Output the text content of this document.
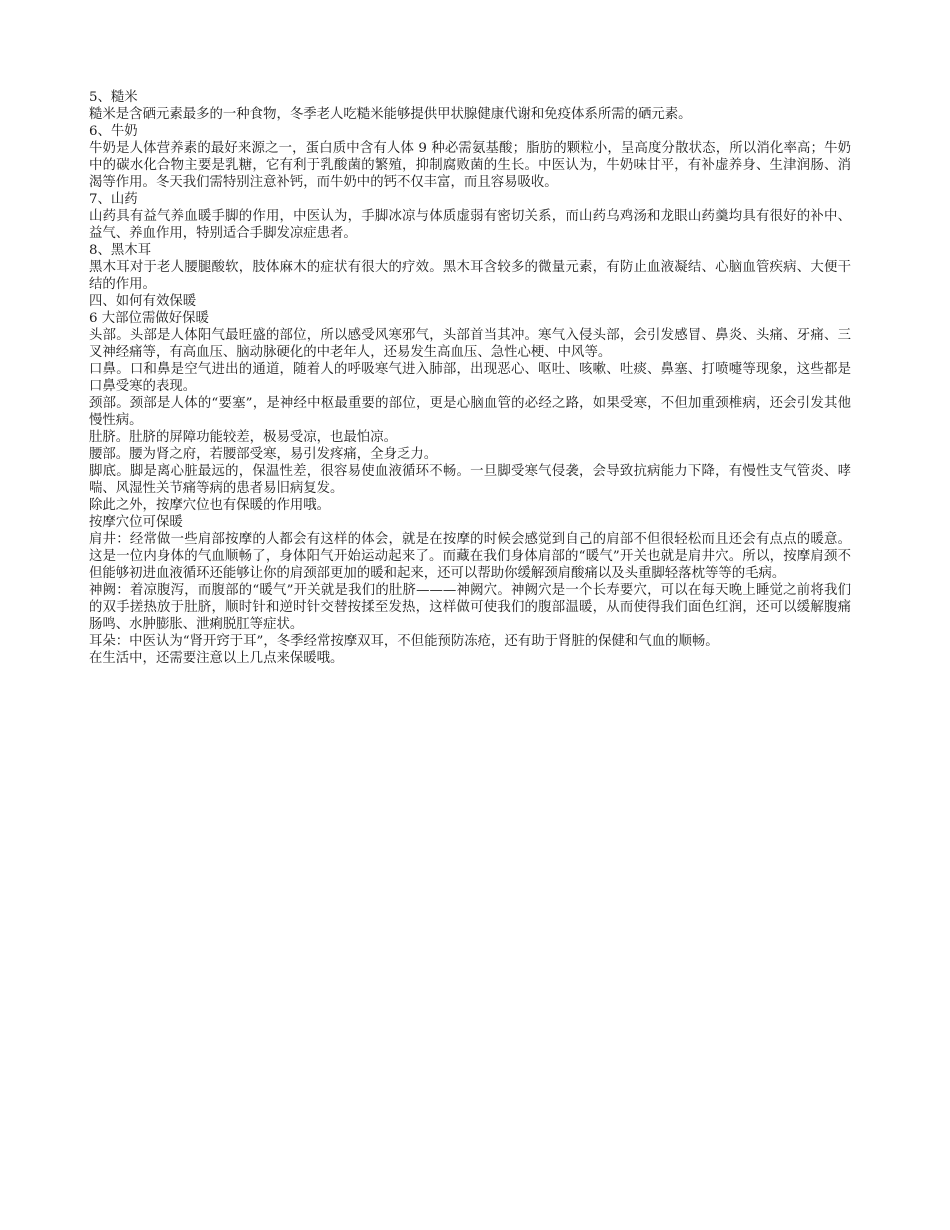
5、糙米

糙米是含硒元素最多的一种食物，冬季老人吃糙米能够提供甲状腺健康代谢和免疫体系所需的硒元素。

6、牛奶

牛奶是人体营养素的最好来源之一，蛋白质中含有人体 9 种必需氨基酸；脂肪的颗粒小，呈高度分散状态，所以消化率高；牛奶中的碳水化合物主要是乳糖，它有利于乳酸菌的繁殖，抑制腐败菌的生长。中医认为，牛奶味甘平，有补虚养身、生津润肠、消渴等作用。冬天我们需特别注意补钙，而牛奶中的钙不仅丰富，而且容易吸收。

7、山药

山药具有益气养血暖手脚的作用，中医认为，手脚冰凉与体质虚弱有密切关系，而山药乌鸡汤和龙眼山药羹均具有很好的补中、益气、养血作用，特别适合手脚发凉症患者。

8、黑木耳

黑木耳对于老人腰腿酸软，肢体麻木的症状有很大的疗效。黑木耳含较多的微量元素，有防止血液凝结、心脑血管疾病、大便干结的作用。

四、如何有效保暖

6 大部位需做好保暖

头部。头部是人体阳气最旺盛的部位，所以感受风寒邪气，头部首当其冲。寒气入侵头部，会引发感冒、鼻炎、头痛、牙痛、三叉神经痛等，有高血压、脑动脉硬化的中老年人，还易发生高血压、急性心梗、中风等。

口鼻。口和鼻是空气进出的通道，随着人的呼吸寒气进入肺部，出现恶心、呕吐、咳嗽、吐痰、鼻塞、打喷嚏等现象，这些都是口鼻受寒的表现。

颈部。颈部是人体的“要塞”，是神经中枢最重要的部位，更是心脑血管的必经之路，如果受寒，不但加重颈椎病，还会引发其他慢性病。

肚脐。肚脐的屏障功能较差，极易受凉，也最怕凉。

腰部。腰为肾之府，若腰部受寒，易引发疼痛，全身乏力。

脚底。脚是离心脏最远的，保温性差，很容易使血液循环不畅。一旦脚受寒气侵袭，会导致抗病能力下降，有慢性支气管炎、哮喘、风湿性关节痛等病的患者易旧病复发。

除此之外，按摩穴位也有保暖的作用哦。

按摩穴位可保暖

肩井：经常做一些肩部按摩的人都会有这样的体会，就是在按摩的时候会感觉到自己的肩部不但很轻松而且还会有点点的暖意。这是一位内身体的气血顺畅了，身体阳气开始运动起来了。而藏在我们身体肩部的“暖气”开关也就是肩井穴。所以，按摩肩颈不但能够初进血液循环还能够让你的肩颈部更加的暖和起来，还可以帮助你缓解颈肩酸痛以及头重脚轻落枕等等的毛病。

神阙：着凉腹泻，而腹部的“暖气”开关就是我们的肚脐———神阙穴。神阙穴是一个长寿要穴，可以在每天晚上睡觉之前将我们的双手搓热放于肚脐，顺时针和逆时针交替按揉至发热，这样做可使我们的腹部温暖，从而使得我们面色红润，还可以缓解腹痛肠鸣、水肿膨胀、泄痢脱肛等症状。

耳朵：中医认为“肾开窍于耳”，冬季经常按摩双耳，不但能预防冻疮，还有助于肾脏的保健和气血的顺畅。

在生活中，还需要注意以上几点来保暖哦。
